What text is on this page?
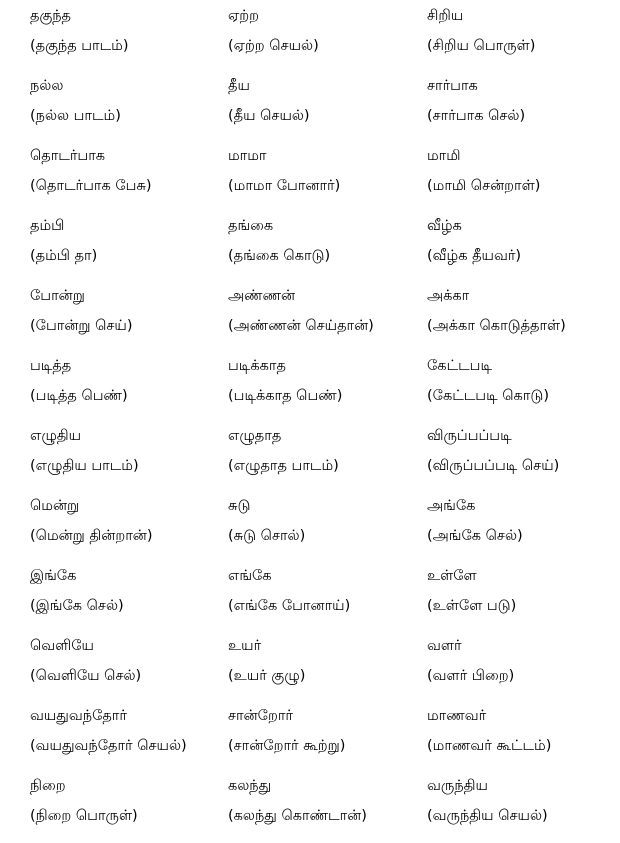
தகுந்த
(தகுந்த பாடம்)
ஏற்ற
(ஏற்ற செயல்)
சிறிய
(சிறிய பொருள்)
நல்ல
(நல்ல பாடம்)
தீய
(தீய செயல்)
சார்பாக
(சார்பாக செல்)
தொடர்பாக
(தொடர்பாக பேசு)
மாமா
(மாமா போனார்)
மாமி
(மாமி சென்றாள்)
தம்பி
(தம்பி தா)
தங்கை
(தங்கை கொடு)
வீழ்க
(வீழ்க தீயவர்)
போன்று
(போன்று செய்)
அண்ணன்
(அண்ணன் செய்தான்)
அக்கா
(அக்கா கொடுத்தாள்)
படித்த
(படித்த பெண்)
படிக்காத
(படிக்காத பெண்)
கேட்டபடி
(கேட்டபடி கொடு)
எழுதிய
(எழுதிய பாடம்)
எழுதாத
(எழுதாத பாடம்)
விருப்பப்படி
(விருப்பப்படி செய்)
மென்று
(மென்று தின்றான்)
சுடு
(சுடு சொல்)
அங்கே
(அங்கே செல்)
இங்கே
(இங்கே செல்)
எங்கே
(எங்கே போனாய்)
உள்ளே
(உள்ளே படு)
வெளியே
(வெளியே செல்)
உயர்
(உயர் குழு)
வளர்
(வளர் பிறை)
வயதுவந்தோர்
(வயதுவந்தோர் செயல்)
சான்றோர்
(சான்றோர் கூற்று)
மாணவர்
(மாணவர் கூட்டம்)
நிறை
(நிறை பொருள்)
கலந்து
(கலந்து கொண்டான்)
வருந்திய
(வருந்திய செயல்)
